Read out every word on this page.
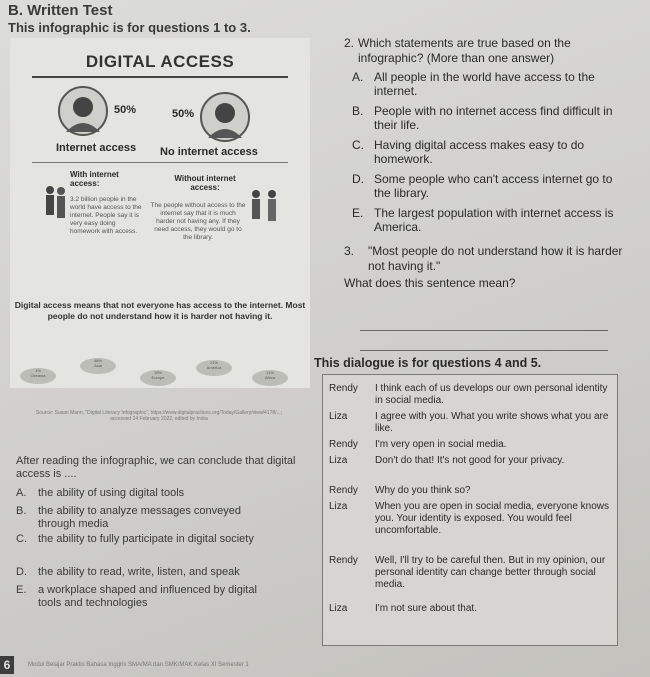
B. Written Test
This infographic is for questions 1 to 3.
DIGITAL ACCESS
50%	50%
Internet access No internet access
With internet access:
3.2 billion people in the world have access to the internet. People say it is very easy doing homework with access.
Without internet access:
The people without access to the internet say that it is much harder not having any. If they need access, they would go to the library.
Digital access means that not everyone has access to the internet. Most people do not understand how it is harder not having it.
1%
Oceania
48%
Asia
19%
Europe
21%
America
11%
Africa
Source: Susan Mann, "Digital Literacy Infographic", https://www.digitalpractices.org/Today/Gallery/view/4178/...; accessed 24 February 2022, edited by Indra
After reading the infographic, we can conclude that digital access is ....
A. the ability of using digital tools
B. the ability to analyze messages conveyed through media
C. the ability to fully participate in digital society
D. the ability to read, write, listen, and speak
E. a workplace shaped and influenced by digital tools and technologies
2. Which statements are true based on the infographic? (More than one answer)
A. All people in the world have access to the internet.
B. People with no internet access find difficult in their life.
C. Having digital access makes easy to do homework.
D. Some people who can't access internet go to the library.
E. The largest population with internet access is America.
3. "Most people do not understand how it is harder not having it."
What does this sentence mean?
This dialogue is for questions 4 and 5.
Rendy I think each of us develops our own personal identity in social media.
Liza	I agree with you. What you write shows what you are like.
Rendy I'm very open in social media.
Liza	Don't do that! It's not good for your privacy.
Rendy Why do you think so?
Liza	When you are open in social media, everyone knows you. Your identity is exposed. You would feel uncomfortable.
Rendy Well, I'll try to be careful then. But in my opinion, our personal identity can change better through social media.
Liza	I'm not sure about that.
6	Modul Belajar Praktis Bahasa Inggris SMA/MA dan SMK/MAK Kelas XI Semester 1
